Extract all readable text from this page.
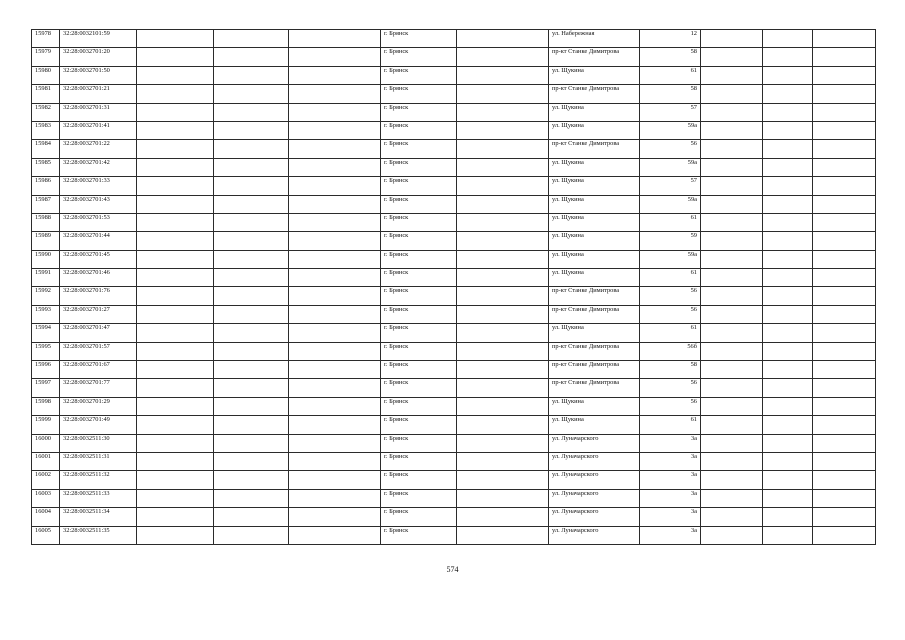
15978	32:28:0032101:59				г. Брянск		ул. Набережная	12			
15979	32:28:0032701:20				г. Брянск		пр-кт Станке Димитрова	58			
15980	32:28:0032701:50				г. Брянск		ул. Щукина	61			
15981	32:28:0032701:21				г. Брянск		пр-кт Станке Димитрова	58			
15982	32:28:0032701:31				г. Брянск		ул. Щукина	57			
15983	32:28:0032701:41				г. Брянск		ул. Щукина	59а			
15984	32:28:0032701:22				г. Брянск		пр-кт Станке Димитрова	56			
15985	32:28:0032701:42				г. Брянск		ул. Щукина	59а			
15986	32:28:0032701:33				г. Брянск		ул. Щукина	57			
15987	32:28:0032701:43				г. Брянск		ул. Щукина	59а			
15988	32:28:0032701:53				г. Брянск		ул. Щукина	61			
15989	32:28:0032701:44				г. Брянск		ул. Щукина	59			
15990	32:28:0032701:45				г. Брянск		ул. Щукина	59а			
15991	32:28:0032701:46				г. Брянск		ул. Щукина	61			
15992	32:28:0032701:76				г. Брянск		пр-кт Станке Димитрова	56			
15993	32:28:0032701:27				г. Брянск		пр-кт Станке Димитрова	56			
15994	32:28:0032701:47				г. Брянск		ул. Щукина	61			
15995	32:28:0032701:57				г. Брянск		пр-кт Станке Димитрова	56б			
15996	32:28:0032701:67				г. Брянск		пр-кт Станке Димитрова	58			
15997	32:28:0032701:77				г. Брянск		пр-кт Станке Димитрова	56			
15998	32:28:0032701:29				г. Брянск		ул. Щукина	56			
15999	32:28:0032701:49				г. Брянск		ул. Щукина	61			
16000	32:28:0032511:30				г. Брянск		ул. Луначарского	3а			
16001	32:28:0032511:31				г. Брянск		ул. Луначарского	3а			
16002	32:28:0032511:32				г. Брянск		ул. Луначарского	3а			
16003	32:28:0032511:33				г. Брянск		ул. Луначарского	3а			
16004	32:28:0032511:34				г. Брянск		ул. Луначарского	3а			
16005	32:28:0032511:35				г. Брянск		ул. Луначарского	3а			
574
